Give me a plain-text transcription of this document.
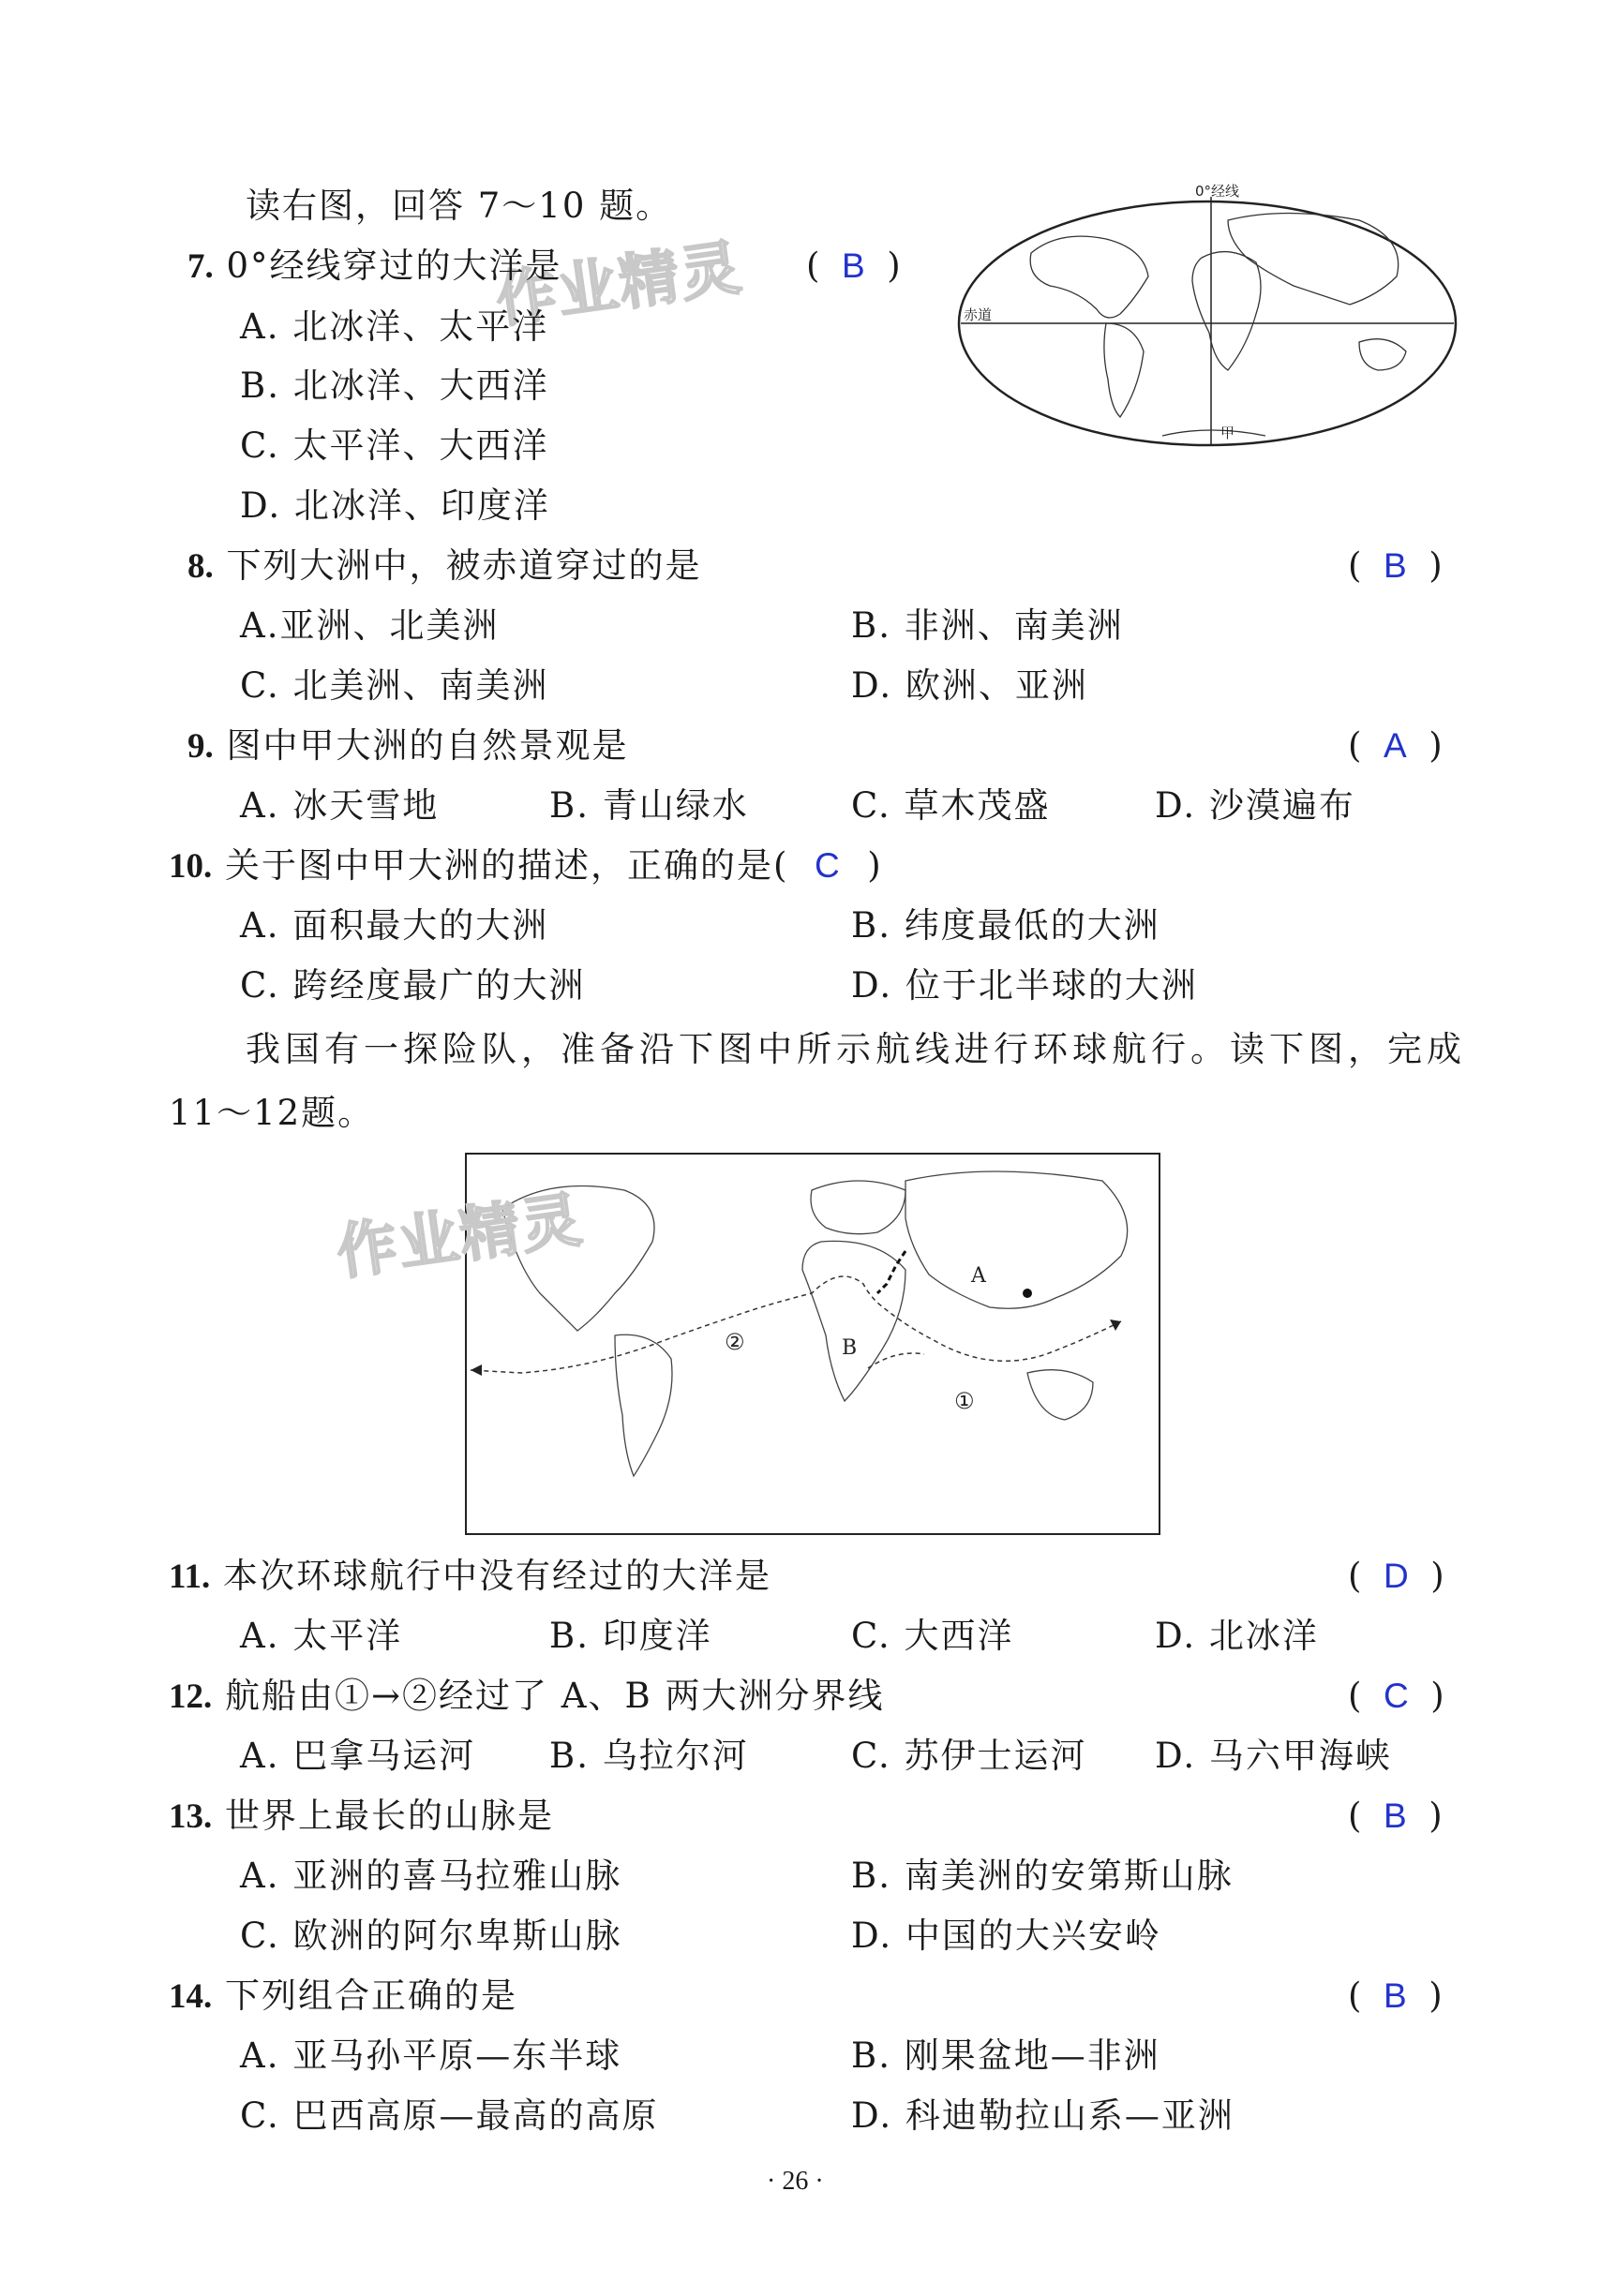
读右图，回答 7～10 题。	0°经线
赤道
甲
作业精灵
7. 0°经线穿过的大洋是	( B )
A. 北冰洋、太平洋
B. 北冰洋、大西洋
C. 太平洋、大西洋
D. 北冰洋、印度洋
8. 下列大洲中，被赤道穿过的是	( B )
A.亚洲、北美洲	B. 非洲、南美洲
C. 北美洲、南美洲	D. 欧洲、亚洲
9. 图中甲大洲的自然景观是	( A )
A. 冰天雪地	B. 青山绿水	C. 草木茂盛	D. 沙漠遍布
10. 关于图中甲大洲的描述，正确的是( C )
A. 面积最大的大洲	B. 纬度最低的大洲
C. 跨经度最广的大洲	D. 位于北半球的大洲
我国有一探险队，准备沿下图中所示航线进行环球航行。读下图，完成
11～12题。
A
B
①
②
作业精灵
11. 本次环球航行中没有经过的大洋是	( D )
A. 太平洋	B. 印度洋	C. 大西洋	D. 北冰洋
12. 航船由①→②经过了 A、B 两大洲分界线	( C )
A. 巴拿马运河 B. 乌拉尔河	C. 苏伊士运河 D. 马六甲海峡
13. 世界上最长的山脉是	( B )
A. 亚洲的喜马拉雅山脉	B. 南美洲的安第斯山脉
C. 欧洲的阿尔卑斯山脉	D. 中国的大兴安岭
14. 下列组合正确的是	( B )
A. 亚马孙平原—东半球	B. 刚果盆地—非洲
C. 巴西高原—最高的高原	D. 科迪勒拉山系—亚洲
· 26 ·
